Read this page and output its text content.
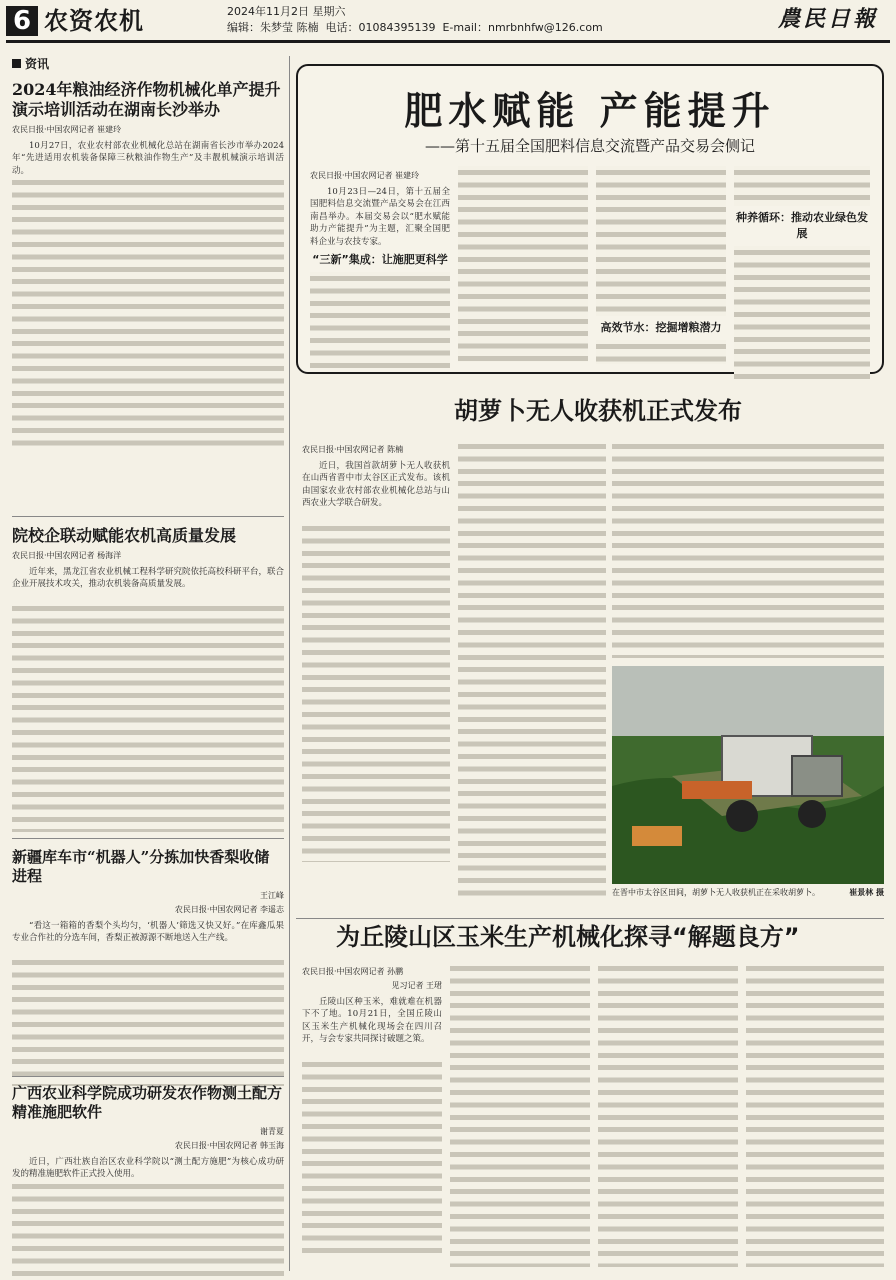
6 农资农机	2024年11月2日 星期六
编辑：朱梦莹 陈楠 电话：01084395139 E-mail：nmrbnhfw@126.com	農民日報
资讯
2024年粮油经济作物机械化单产提升演示培训活动在湖南长沙举办
农民日报·中国农网记者 崔建玲

10月27日，农业农村部农业机械化总站在湖南省长沙市举办2024年“先进适用农机装备保障三秋粮油作物生产”及丰靓机械演示培训活动。

院校企联动赋能农机高质量发展
农民日报·中国农网记者 杨海洋

近年来，黑龙江省农业机械工程科学研究院依托高校科研平台，联合企业开展技术攻关，推动农机装备高质量发展。

新疆库车市“机器人”分拣加快香梨收储进程
王江峰
农民日报·中国农网记者 李遥志

“看这一箱箱的香梨个头均匀，‘机器人’筛选又快又好。”在库鑫瓜果专业合作社的分选车间，香梨正被源源不断地送入生产线。

广西农业科学院成功研发农作物测土配方精准施肥软件
谢青夏
农民日报·中国农网记者 韩玉海

近日，广西壮族自治区农业科学院以“测土配方施肥”为核心成功研发的精准施肥软件正式投入使用。

肥水赋能 产能提升
——第十五届全国肥料信息交流暨产品交易会侧记
农民日报·中国农网记者 崔建玲

10月23日—24日，第十五届全国肥料信息交流暨产品交易会在江西南昌举办。本届交易会以“肥水赋能 助力产能提升”为主题，汇聚全国肥料企业与农技专家。

“三新”集成：让施肥更科学
高效节水：挖掘增粮潜力
种养循环：推动农业绿色发展
胡萝卜无人收获机正式发布
农民日报·中国农网记者 陈楠

近日，我国首款胡萝卜无人收获机在山西省晋中市太谷区正式发布。该机由国家农业农村部农业机械化总站与山西农业大学联合研发。

在晋中市太谷区田间，胡萝卜无人收获机正在采收胡萝卜。	崔景林 摄
为丘陵山区玉米生产机械化探寻“解题良方”
农民日报·中国农网记者 孙鹏
见习记者 王珺

丘陵山区种玉米，难就难在机器下不了地。10月21日，全国丘陵山区玉米生产机械化现场会在四川召开，与会专家共同探讨破题之策。
